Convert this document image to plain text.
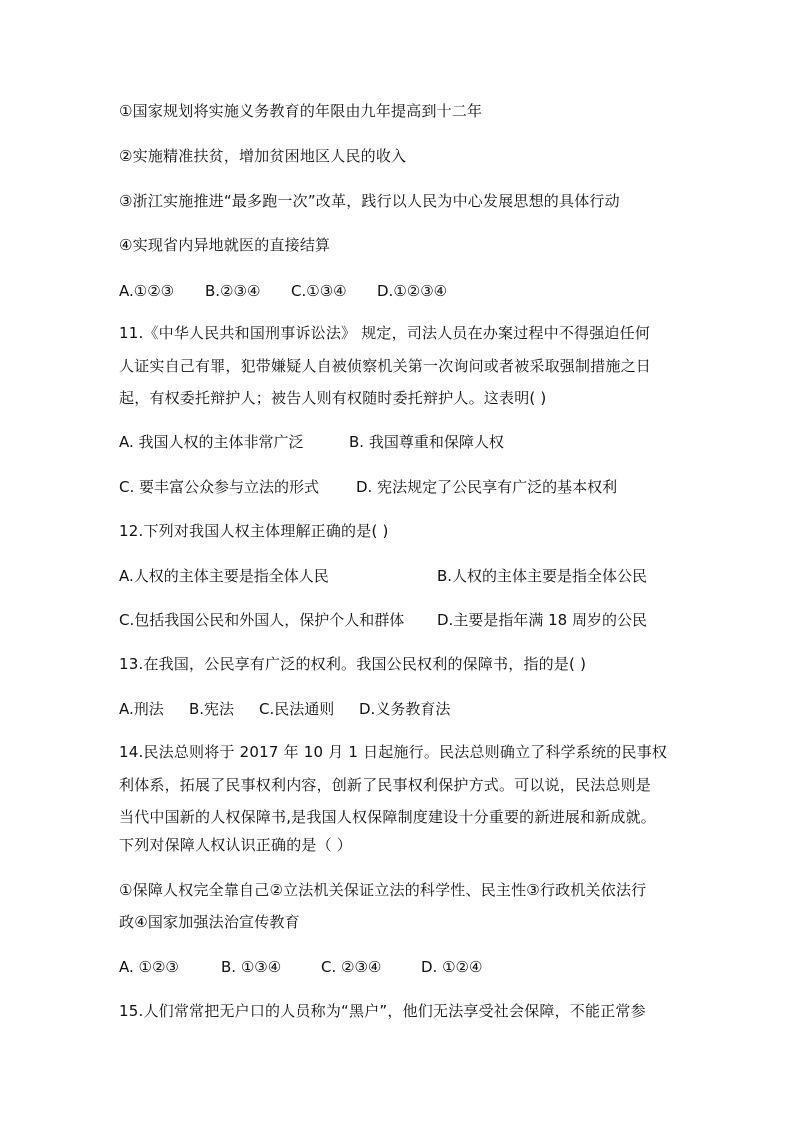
①国家规划将实施义务教育的年限由九年提高到十二年
②实施精准扶贫，增加贫困地区人民的收入
③浙江实施推进“最多跑一次”改革，践行以人民为中心发展思想的具体行动
④实现省内异地就医的直接结算
A.①②③ B.②③④ C.①③④ D.①②③④
11.《中华人民共和国刑事诉讼法》 规定，司法人员在办案过程中不得强迫任何
人证实自己有罪，犯带嫌疑人自被侦察机关第一次询问或者被采取强制措施之日
起，有权委托辩护人；被告人则有权随时委托辩护人。这表明( )
A. 我国人权的主体非常广泛	B. 我国尊重和保障人权
C. 要丰富公众参与立法的形式 D. 宪法规定了公民享有广泛的基本权利
12.下列对我国人权主体理解正确的是( )
A.人权的主体主要是指全体人民	B.人权的主体主要是指全体公民
C.包括我国公民和外国人，保护个人和群体 D.主要是指年满 18 周岁的公民
13.在我国，公民享有广泛的权利。我国公民权利的保障书，指的是( )
A.刑法 B.宪法 C.民法通则 D.义务教育法
14.民法总则将于 2017 年 10 月 1 日起施行。民法总则确立了科学系统的民事权
利体系，拓展了民事权利内容，创新了民事权利保护方式。可以说，民法总则是
当代中国新的人权保障书,是我国人权保障制度建设十分重要的新进展和新成就。
下列对保障人权认识正确的是（ ）
①保障人权完全靠自己②立法机关保证立法的科学性、民主性③行政机关依法行
政④国家加强法治宣传教育
A. ①②③	B. ①③④	C. ②③④	D. ①②④
15.人们常常把无户口的人员称为“黑户”，他们无法享受社会保障，不能正常参
